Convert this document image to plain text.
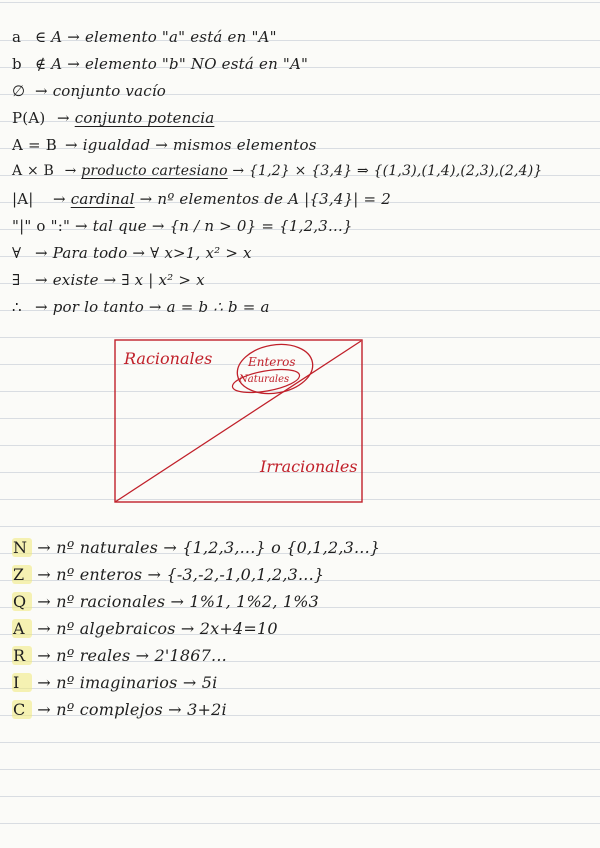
a ∈ A → elemento "a" está en "A"
b ∉ A → elemento "b" NO está en "A"
∅ → conjunto vacío
P(A) → conjunto potencia
A = B → igualdad → mismos elementos
A × B → producto cartesiano → {1,2} × {3,4} ⇒ {(1,3),(1,4),(2,3),(2,4)}
|A| → cardinal → nº elementos de A |{3,4}| = 2
"|" o ":" → tal que → {n / n > 0} = {1,2,3...}
∀ → Para todo → ∀ x>1, x² > x
∃ → existe → ∃ x | x² > x
∴ → por lo tanto → a = b ∴ b = a
Racionales	Enteros
Naturales
Irracionales
N → nº naturales → {1,2,3,...} o {0,1,2,3...}
Z → nº enteros → {-3,-2,-1,0,1,2,3...}
Q → nº racionales → 1%1, 1%2, 1%3
A → nº algebraicos → 2x+4=10
R → nº reales → 2'1867...
I → nº imaginarios → 5i
C → nº complejos → 3+2i
